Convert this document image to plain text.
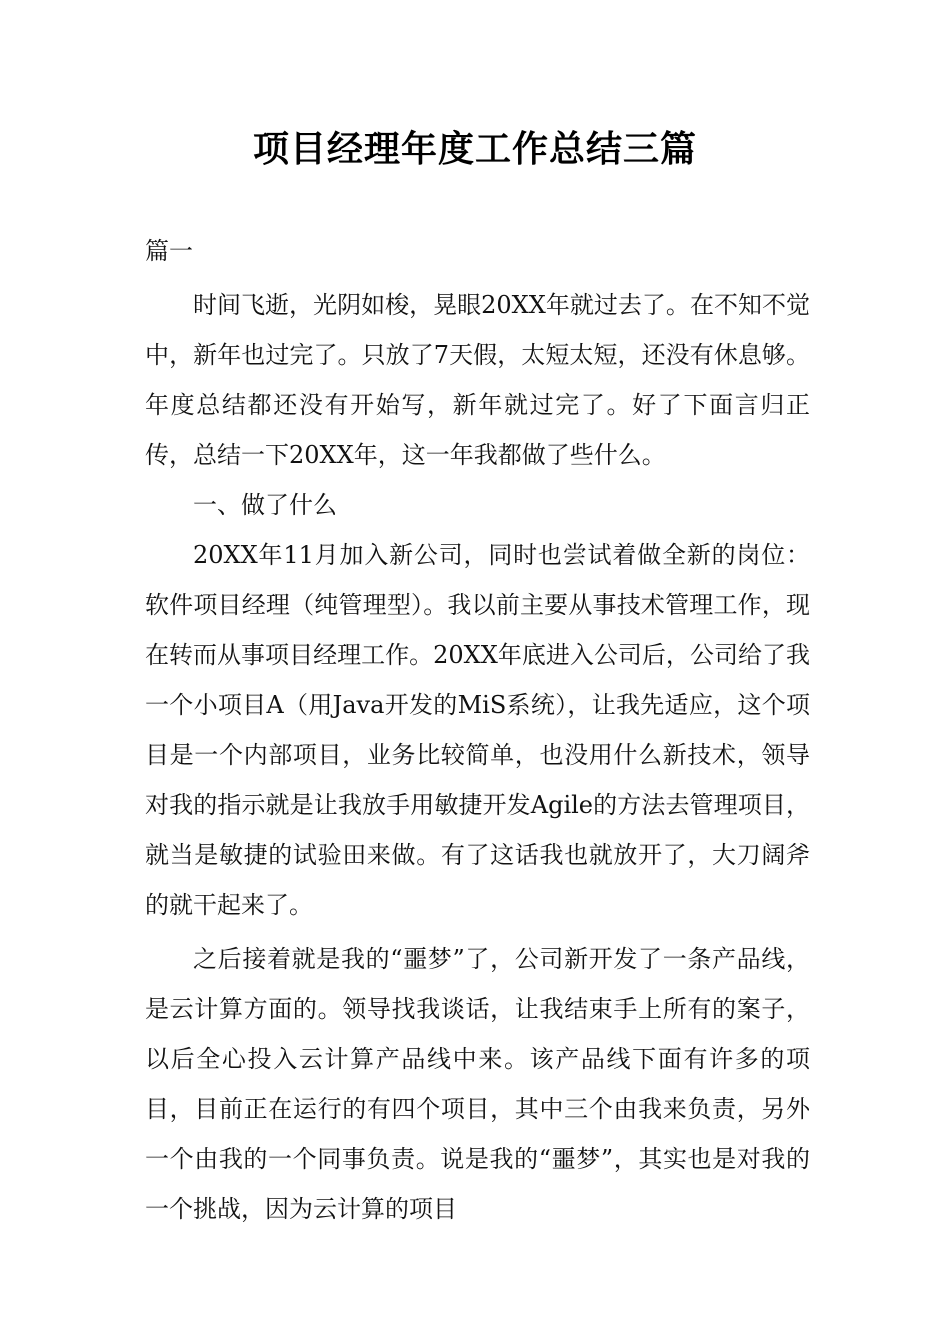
项目经理年度工作总结三篇

篇一

时间飞逝，光阴如梭，晃眼20XX年就过去了。在不知不觉中，新年也过完了。只放了7天假，太短太短，还没有休息够。年度总结都还没有开始写，新年就过完了。好了下面言归正传，总结一下20XX年，这一年我都做了些什么。

一、做了什么

20XX年11月加入新公司，同时也尝试着做全新的岗位：软件项目经理（纯管理型）。我以前主要从事技术管理工作，现在转而从事项目经理工作。20XX年底进入公司后，公司给了我一个小项目A（用Java开发的MiS系统），让我先适应，这个项目是一个内部项目，业务比较简单，也没用什么新技术，领导对我的指示就是让我放手用敏捷开发Agile的方法去管理项目，就当是敏捷的试验田来做。有了这话我也就放开了，大刀阔斧的就干起来了。

之后接着就是我的“噩梦”了，公司新开发了一条产品线，是云计算方面的。领导找我谈话，让我结束手上所有的案子，以后全心投入云计算产品线中来。该产品线下面有许多的项目，目前正在运行的有四个项目，其中三个由我来负责，另外一个由我的一个同事负责。说是我的“噩梦”，其实也是对我的一个挑战，因为云计算的项目
